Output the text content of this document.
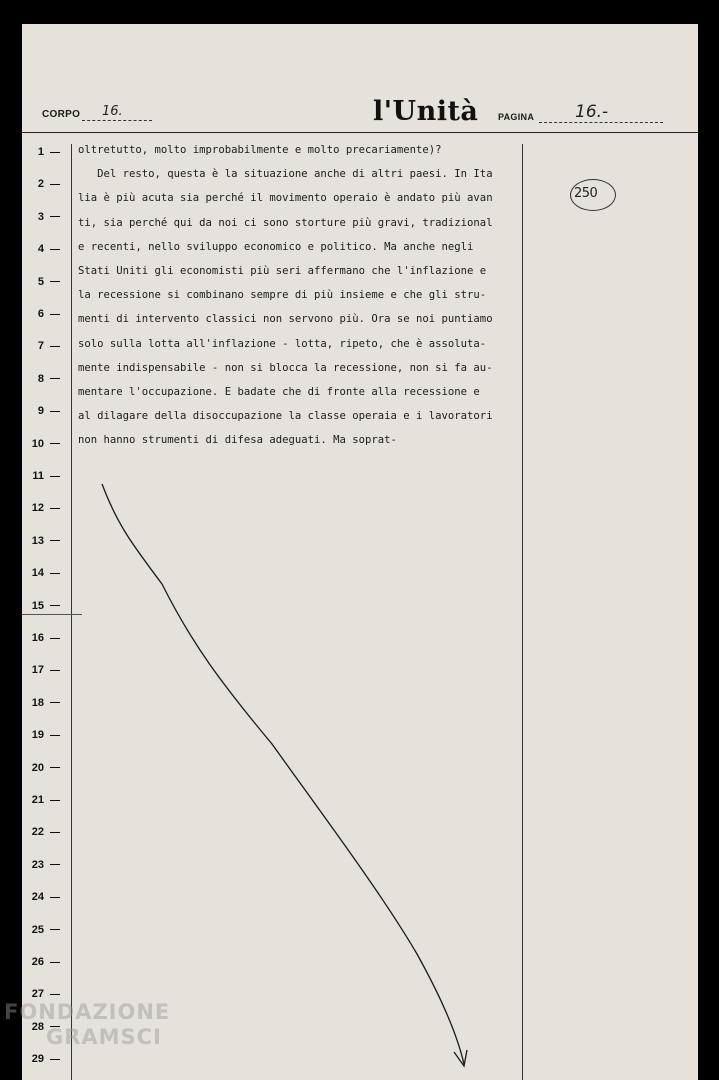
CORPO 16.	l'Unità PAGINA 16.-
1
2
3
4
5
6
7
8
9
10
11
12
13
14
15
16
17
18
19
20
21
22
23
24
25
26
27
28
29
oltretutto, molto improbabilmente e molto precariamente)?
Del resto, questa è la situazione anche di altri paesi. In Ita
lia è più acuta sia perché il movimento operaio è andato più avan
ti, sia perché qui da noi ci sono storture più gravi, tradizional
e recenti, nello sviluppo economico e politico. Ma anche negli
Stati Uniti gli economisti più seri affermano che l'inflazione e
la recessione si combinano sempre di più insieme e che gli stru-
menti di intervento classici non servono più. Ora se noi puntiamo
solo sulla lotta all'inflazione - lotta, ripeto, che è assoluta-
mente indispensabile - non si blocca la recessione, non si fa au-
mentare l'occupazione. E badate che di fronte alla recessione e
al dilagare della disoccupazione la classe operaia e i lavoratori
non hanno strumenti di difesa adeguati. Ma soprat-
250
FONDAZIONE
GRAMSCI
